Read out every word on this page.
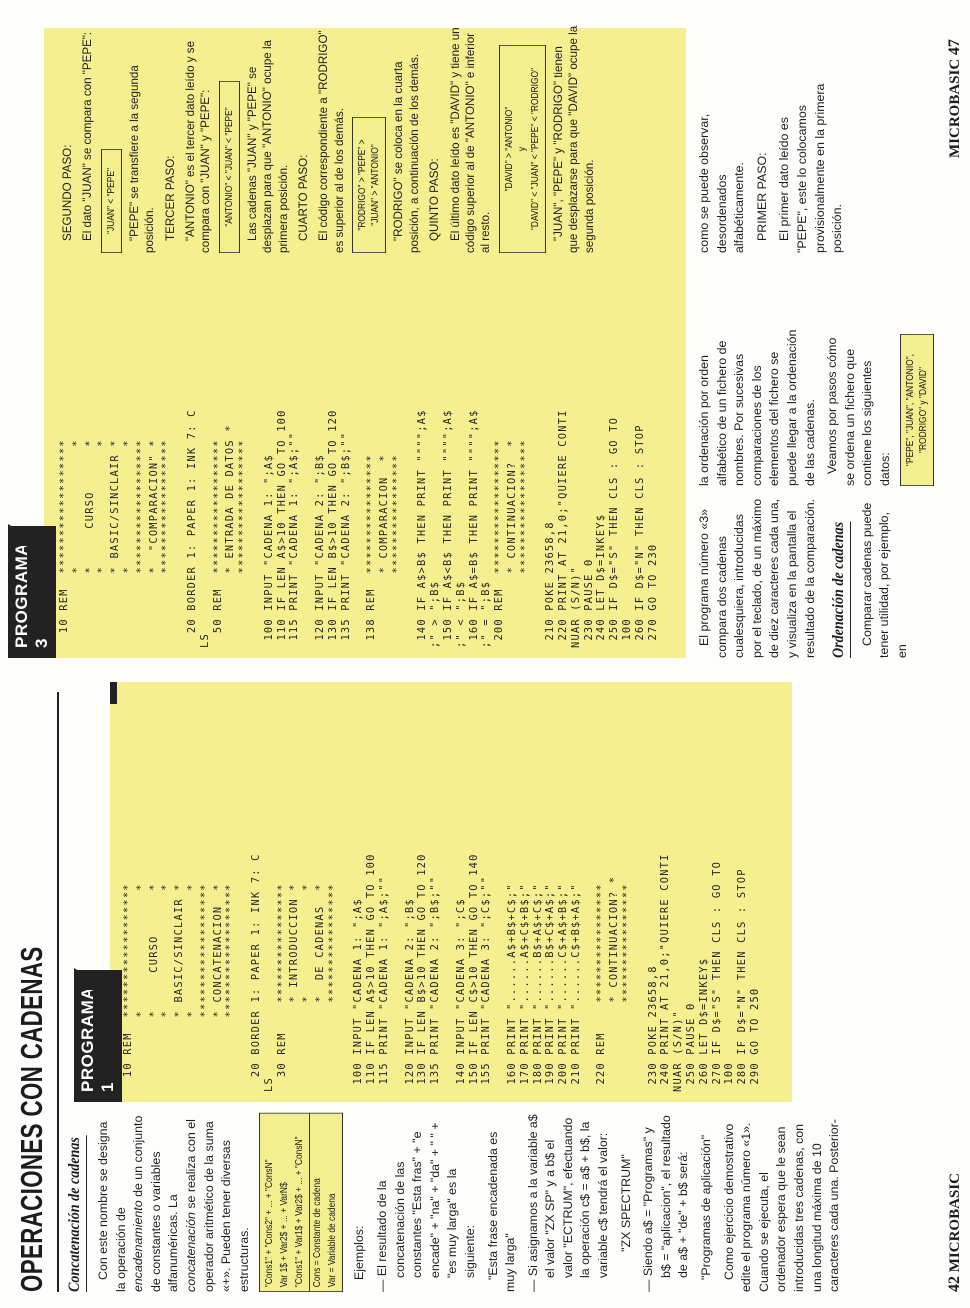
OPERACIONES CON CADENAS Concatenación de cadenas	Con este nombre se designa la operación de encadenamiento de un conjunto de constantes o variables alfanuméricas. La concatenación se realiza con el operador aritmético de la suma «+». Pueden tener diversas estructuras. "Cons1" + "Cons2" + ... + "ConsN" Var 1$ + Var2$ + ... + VarN$ "Cons1" + Var1$ + Var2$ + ... + "ConsN" Cons = Constante de cadena Var = Variable de cadena Ejemplos: — El resultado de la concatenación de las constantes "Esta fras" + "e encade" + "na" + "da" + " " + "es muy larga" es la siguiente: "Esta frase encadenada es muy larga" — Si asignamos a la variable a$ el valor "ZX SP" y a b$ el valor "ECTRUM", efectuando la operación c$ = a$ + b$, la variable c$ tendrá el valor: "ZX SPECTRUM" — Siendo a$ = "Programas" y b$ = "aplicacion", el resultado de a$ + "de" + b$ será: "Programas de aplicación" Como ejercicio demostrativo edite el programa número «1». Cuando se ejecuta, el ordenador espera que le sean introducidas tres cadenas, con una longitud máxima de 10 caracteres cada una. Posterior-

10 REM  ******************
*                *
*     CURSO      *
*                *
* BASIC/SINCLAIR *
*                *
******************
* CONCATENACION  *
******************

20 BORDER 1: PAPER 1: INK 7: C
LS
30 REM    ****************
* INTRODUCCION *
*              *
*  DE CADENAS  *
****************

100 INPUT "CADENA 1: ";A$
110 IF LEN A$>10 THEN GO TO 100
115 PRINT "CADENA 1: ";A$;""

120 INPUT "CADENA 2: ";B$
130 IF LEN B$>10 THEN GO TO 120
135 PRINT "CADENA 2: ";B$;""

140 INPUT "CADENA 3: ";C$
150 IF LEN C$>10 THEN GO TO 140
155 PRINT "CADENA 3: ";C$;""

160 PRINT "......A$+B$+C$;"
170 PRINT "......A$+C$+B$;"
180 PRINT "......B$+A$+C$;"
190 PRINT "......B$+C$+A$;"
200 PRINT "......C$+A$+B$;"
210 PRINT "......C$+B$+A$;"

220 REM    ****************
* CONTINUACION? *
****************

230 POKE 23658,8
240 PRINT AT 21,0;"QUIERE CONTI
NUAR (S/N)"
250 PAUSE 0
260 LET D$=INKEY$
270 IF D$="S" THEN CLS : GO TO
100
280 IF D$="N" THEN CLS : STOP
290 GO TO 250
PROGRAMA 1
10 REM  ******************
*                *
*     CURSO      *
*                *
* BASIC/SINCLAIR *
*                *
******************
*  "COMPARACION" *
******************

20 BORDER 1: PAPER 1: INK 7: C
LS
50 REM  ******************
* ENTRADA DE DATOS *
******************

100 INPUT "CADENA 1: ";A$
110 IF LEN A$>10 THEN GO TO 100
115 PRINT "CADENA 1: ";A$;""

120 INPUT "CADENA 2: ";B$
130 IF LEN B$>10 THEN GO TO 120
135 PRINT "CADENA 2: ";B$;""

138 REM  ****************
* COMPARACION  *
****************

140 IF A$>B$ THEN PRINT """";A$
;" > ";B$
150 IF A$<B$ THEN PRINT """";A$
;" < ";B$
160 IF A$=B$ THEN PRINT """";A$
;" = ";B$
200 REM  ******************
* CONTINUACION?  *
******************

210 POKE 23658,8
220 PRINT AT 21,0;"QUIERE CONTI
NUAR (S/N)"
230 PAUSE 0
240 LET D$=INKEY$
250 IF D$="S" THEN CLS : GO TO
100
260 IF D$="N" THEN CLS : STOP
270 GO TO 230
PROGRAMA 3	El programa número «3» compara dos cadenas cualesquiera, introducidas por el teclado, de un máximo de diez caracteres cada una, y visualiza en la pantalla el resultado de la comparación. Ordenación de cadenas Comparar cadenas puede tener utilidad, por ejemplo, en

la ordenación por orden alfabético de un fichero de nombres. Por sucesivas comparaciones de los elementos del fichero se puede llegar a la ordenación de las cadenas. Veamos por pasos cómo se ordena un fichero que contiene los siguientes datos:

"PEPE", "JUAN", "ANTONIO", "RODRIGO" y "DAVID"

como se puede observar, desordenados alfabéticamente. PRIMER PASO: El primer dato leído es "PEPE", este lo colocamos provisionalmente en la primera posición.

SEGUNDO PASO: El dato "JUAN" se compara con "PEPE": "JUAN" < "PEPE" "PEPE" se transfiere a la segunda posición. TERCER PASO: "ANTONIO" es el tercer dato leído y se compara con "JUAN" y "PEPE": "ANTONIO" < "JUAN" < "PEPE" Las cadenas "JUAN" y "PEPE" se desplazan para que "ANTONIO" ocupe la primera posición. CUARTO PASO: El código correspondiente a "RODRIGO" es superior al de los demás. "RODRIGO" > "PEPE" > "JUAN" > "ANTONIO" "RODRIGO" se coloca en la cuarta posición, a continuación de los demás. QUINTO PASO: El último dato leído es "DAVID" y tiene un código superior al de "ANTONIO" e inferior al resto.

"DAVID" > "ANTONIO" y "DAVID" < "JUAN" < "PEPE" < "RODRIGO" "JUAN", "PEPE" y "RODRIGO" tienen que desplazarse para que "DAVID" ocupe la segunda posición.

42 MICROBASIC
MICROBASIC 47
